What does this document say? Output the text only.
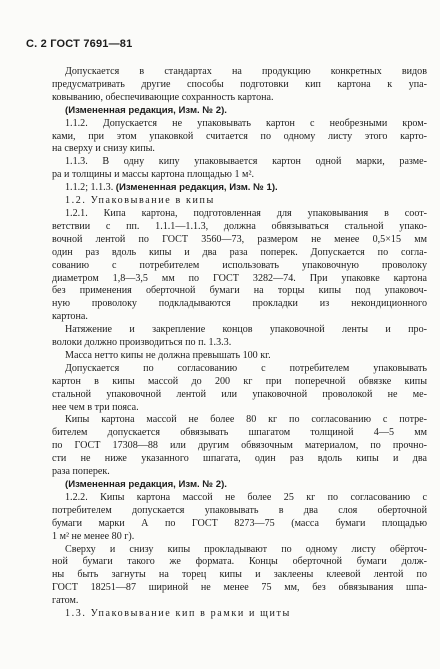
С. 2 ГОСТ 7691—81
Допускается в стандартах на продукцию конкретных видов
предусматривать другие способы подготовки кип картона к упа-
ковыванию, обеспечивающие сохранность картона.
(Измененная редакция, Изм. № 2).
1.1.2. Допускается не упаковывать картон с необрезными кром-
ками, при этом упаковкой считается по одному листу этого карто-
на сверху и снизу кипы.
1.1.3. В одну кипу упаковывается картон одной марки, разме-
ра и толщины и массы картона площадью 1 м².
1.1.2; 1.1.3. (Измененная редакция, Изм. № 1).
1.2. Упаковывание в кипы
1.2.1. Кипа картона, подготовленная для упаковывания в соот-
ветствии с пп. 1.1.1—1.1.3, должна обвязываться стальной упако-
вочной лентой по ГОСТ 3560—73, размером не менее 0,5×15 мм
один раз вдоль кипы и два раза поперек. Допускается по согла-
сованию с потребителем использовать упаковочную проволоку
диаметром 1,8—3,5 мм по ГОСТ 3282—74. При упаковке картона
без применения оберточной бумаги на торцы кипы под упаковоч-
ную проволоку подкладываются прокладки из некондиционного
картона.
Натяжение и закрепление концов упаковочной ленты и про-
волоки должно производиться по п. 1.3.3.
Масса нетто кипы не должна превышать 100 кг.
Допускается по согласованию с потребителем упаковывать
картон в кипы массой до 200 кг при поперечной обвязке кипы
стальной упаковочной лентой или упаковочной проволокой не ме-
нее чем в три пояса.
Кипы картона массой не более 80 кг по согласованию с потре-
бителем допускается обвязывать шпагатом толщиной 4—5 мм
по ГОСТ 17308—88 или другим обвязочным материалом, по прочно-
сти не ниже указанного шпагата, один раз вдоль кипы и два
раза поперек.
(Измененная редакция, Изм. № 2).
1.2.2. Кипы картона массой не более 25 кг по согласованию с
потребителем допускается упаковывать в два слоя оберточной
бумаги марки А по ГОСТ 8273—75 (масса бумаги площадью
1 м² не менее 80 г).
Сверху и снизу кипы прокладывают по одному листу обёрточ-
ной бумаги такого же формата. Концы оберточной бумаги долж-
ны быть загнуты на торец кипы и заклеены клеевой лентой по
ГОСТ 18251—87 шириной не менее 75 мм, без обвязывания шпа-
гатом.
1.3. Упаковывание кип в рамки и щиты
